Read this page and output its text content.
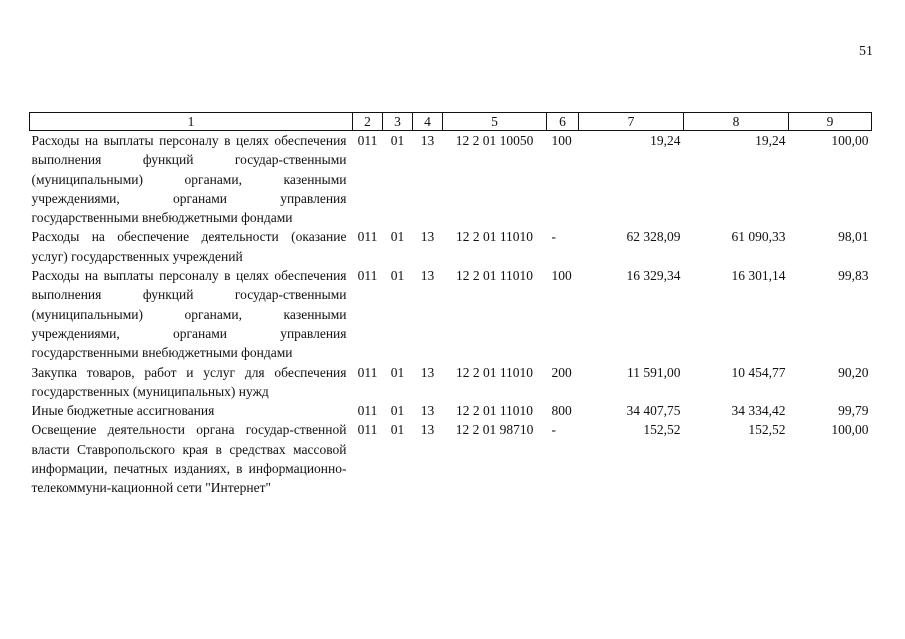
51
1	2	3	4	5	6	7	8	9
Расходы на выплаты персоналу в целях обеспечения выполнения функций государ-ственными (муниципальными) органами, казенными учреждениями, органами управления государственными внебюджетными фондами	011	01	13	12 2 01 10050	100	19,24	19,24	100,00
Расходы на обеспечение деятельности (оказание услуг) государственных учреждений	011	01	13	12 2 01 11010	-	62 328,09	61 090,33	98,01
Расходы на выплаты персоналу в целях обеспечения выполнения функций государ-ственными (муниципальными) органами, казенными учреждениями, органами управления государственными внебюджетными фондами	011	01	13	12 2 01 11010	100	16 329,34	16 301,14	99,83
Закупка товаров, работ и услуг для обеспечения государственных (муниципальных) нужд	011	01	13	12 2 01 11010	200	11 591,00	10 454,77	90,20
Иные бюджетные ассигнования	011	01	13	12 2 01 11010	800	34 407,75	34 334,42	99,79
Освещение деятельности органа государ-ственной власти Ставропольского края в средствах массовой информации, печатных изданиях, в информационно-телекоммуни-кационной сети "Интернет"	011	01	13	12 2 01 98710	-	152,52	152,52	100,00
